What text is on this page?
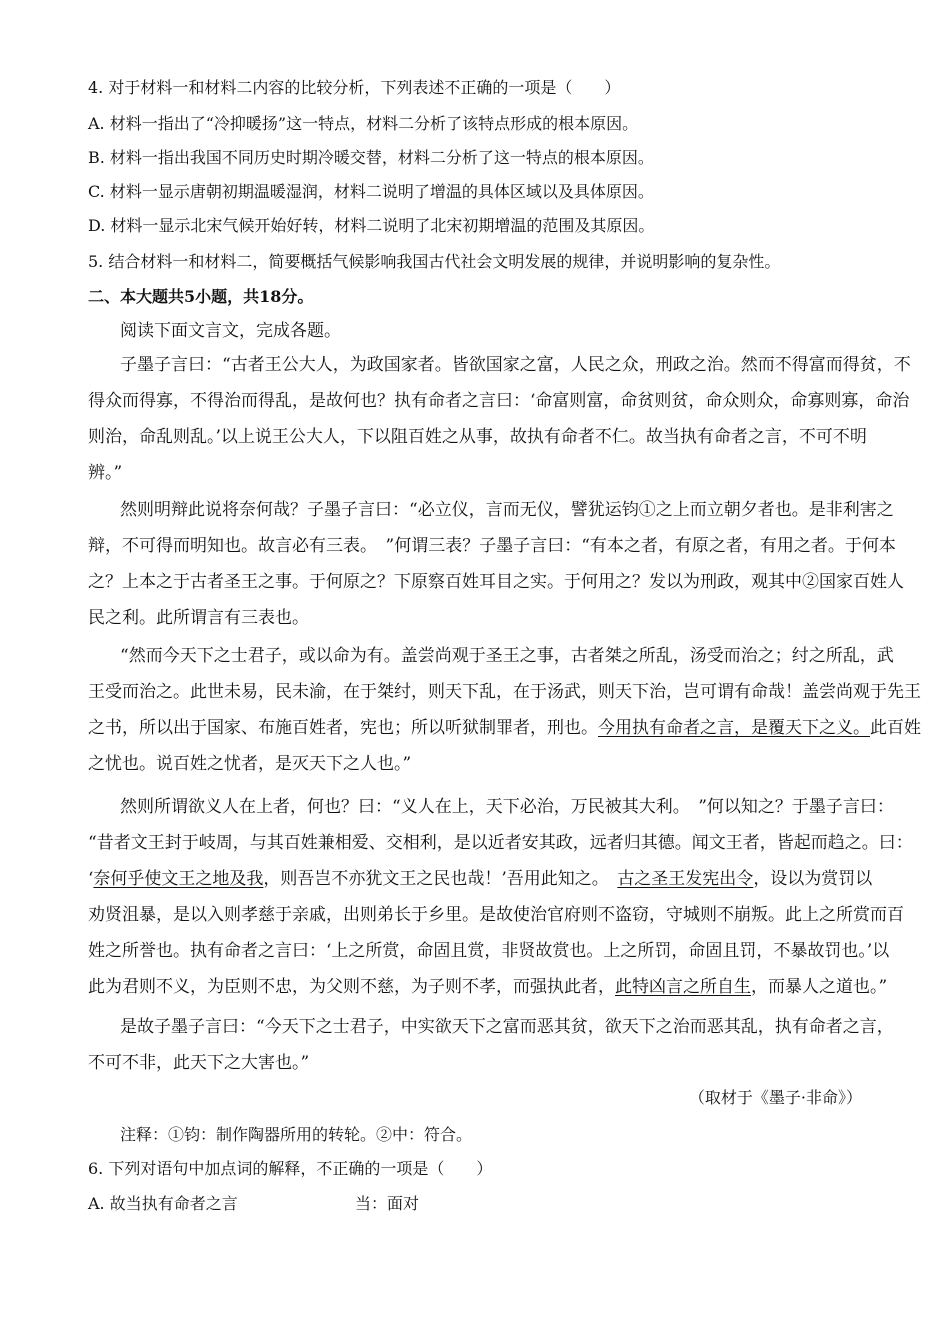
4. 对于材料一和材料二内容的比较分析，下列表述不正确的一项是（　　）
A. 材料一指出了“冷抑暖扬”这一特点，材料二分析了该特点形成的根本原因。
B. 材料一指出我国不同历史时期冷暖交替，材料二分析了这一特点的根本原因。
C. 材料一显示唐朝初期温暖湿润，材料二说明了增温的具体区域以及具体原因。
D. 材料一显示北宋气候开始好转，材料二说明了北宋初期增温的范围及其原因。
5. 结合材料一和材料二，简要概括气候影响我国古代社会文明发展的规律，并说明影响的复杂性。
二、本大题共5小题，共18分。
阅读下面文言文，完成各题。
子墨子言曰：“古者王公大人，为政国家者。皆欲国家之富，人民之众，刑政之治。然而不得富而得贫，不
得众而得寡，不得治而得乱，是故何也？执有命者之言曰：‘命富则富，命贫则贫，命众则众，命寡则寡，命治
则治，命乱则乱。’以上说王公大人，下以阻百姓之从事，故执有命者不仁。故当执有命者之言，不可不明
辨。”
然则明辩此说将奈何哉？子墨子言曰：“必立仪，言而无仪，譬犹运钧①之上而立朝夕者也。是非利害之
辩，不可得而明知也。故言必有三表。　”何谓三表？子墨子言曰：“有本之者，有原之者，有用之者。于何本
之？上本之于古者圣王之事。于何原之？下原察百姓耳目之实。于何用之？发以为刑政，观其中②国家百姓人
民之利。此所谓言有三表也。
“然而今天下之士君子，或以命为有。盖尝尚观于圣王之事，古者桀之所乱，汤受而治之；纣之所乱，武
王受而治之。此世未易，民未渝，在于桀纣，则天下乱，在于汤武，则天下治，岂可谓有命哉！盖尝尚观于先王
之书，所以出于国家、布施百姓者，宪也；所以听狱制罪者，刑也。今用执有命者之言，是覆天下之义。此百姓
之忧也。说百姓之忧者，是灭天下之人也。”
然则所谓欲义人在上者，何也？曰：“义人在上，天下必治，万民被其大利。　”何以知之？于墨子言曰：
“昔者文王封于岐周，与其百姓兼相爱、交相利，是以近者安其政，远者归其德。闻文王者，皆起而趋之。曰：
‘奈何乎使文王之地及我，则吾岂不亦犹文王之民也哉！’吾用此知之。　 古之圣王发宪出令，设以为赏罚以
劝贤沮暴，是以入则孝慈于亲戚，出则弟长于乡里。是故使治官府则不盗窃，守城则不崩叛。此上之所赏而百
姓之所誉也。执有命者之言曰：‘上之所赏，命固且赏，非贤故赏也。上之所罚，命固且罚，不暴故罚也。’以
此为君则不义，为臣则不忠，为父则不慈，为子则不孝，而强执此者，此特凶言之所自生，而暴人之道也。”
是故子墨子言曰：“今天下之士君子，中实欲天下之富而恶其贫，欲天下之治而恶其乱，执有命者之言，
不可不非，此天下之大害也。”
（取材于《墨子·非命》）
注释：①钧：制作陶器所用的转轮。②中：符合。
6. 下列对语句中加点词的解释，不正确的一项是（　　）
A. 故当执有命者之言	当：面对
